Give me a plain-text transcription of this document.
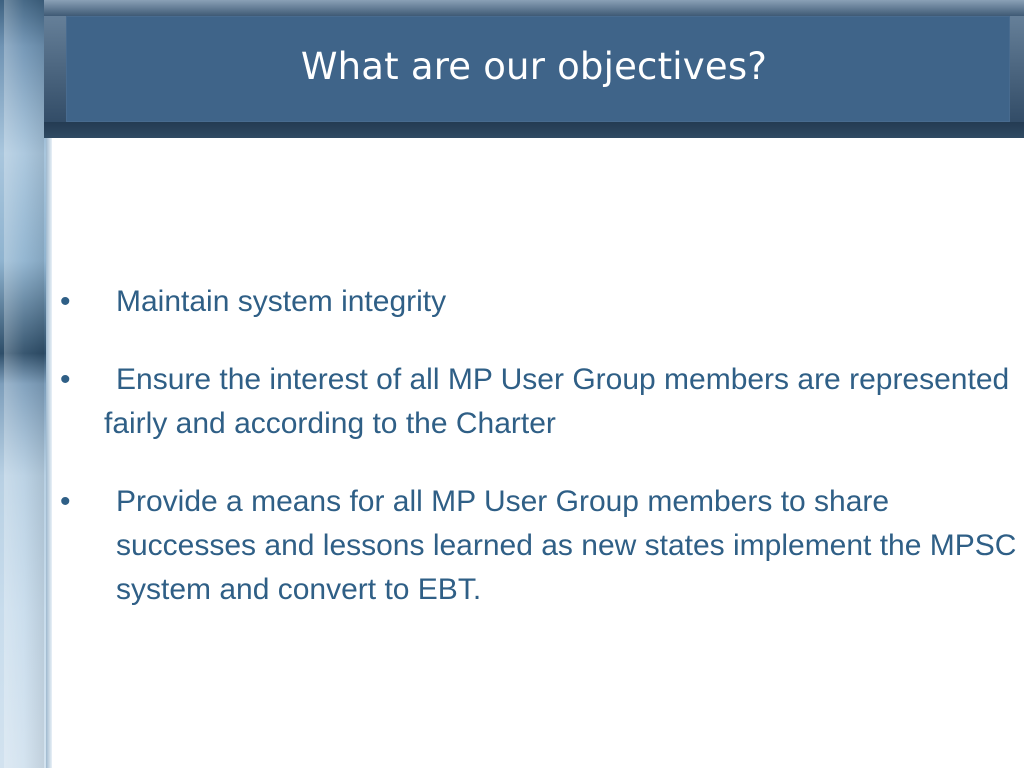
What are our objectives?
•	Maintain system integrity
•	Ensure the interest of all MP User Group members are represented fairly and according to the Charter
•	Provide a means for all MP User Group members to share successes and lessons learned as new states implement the MPSC system and convert to EBT.
